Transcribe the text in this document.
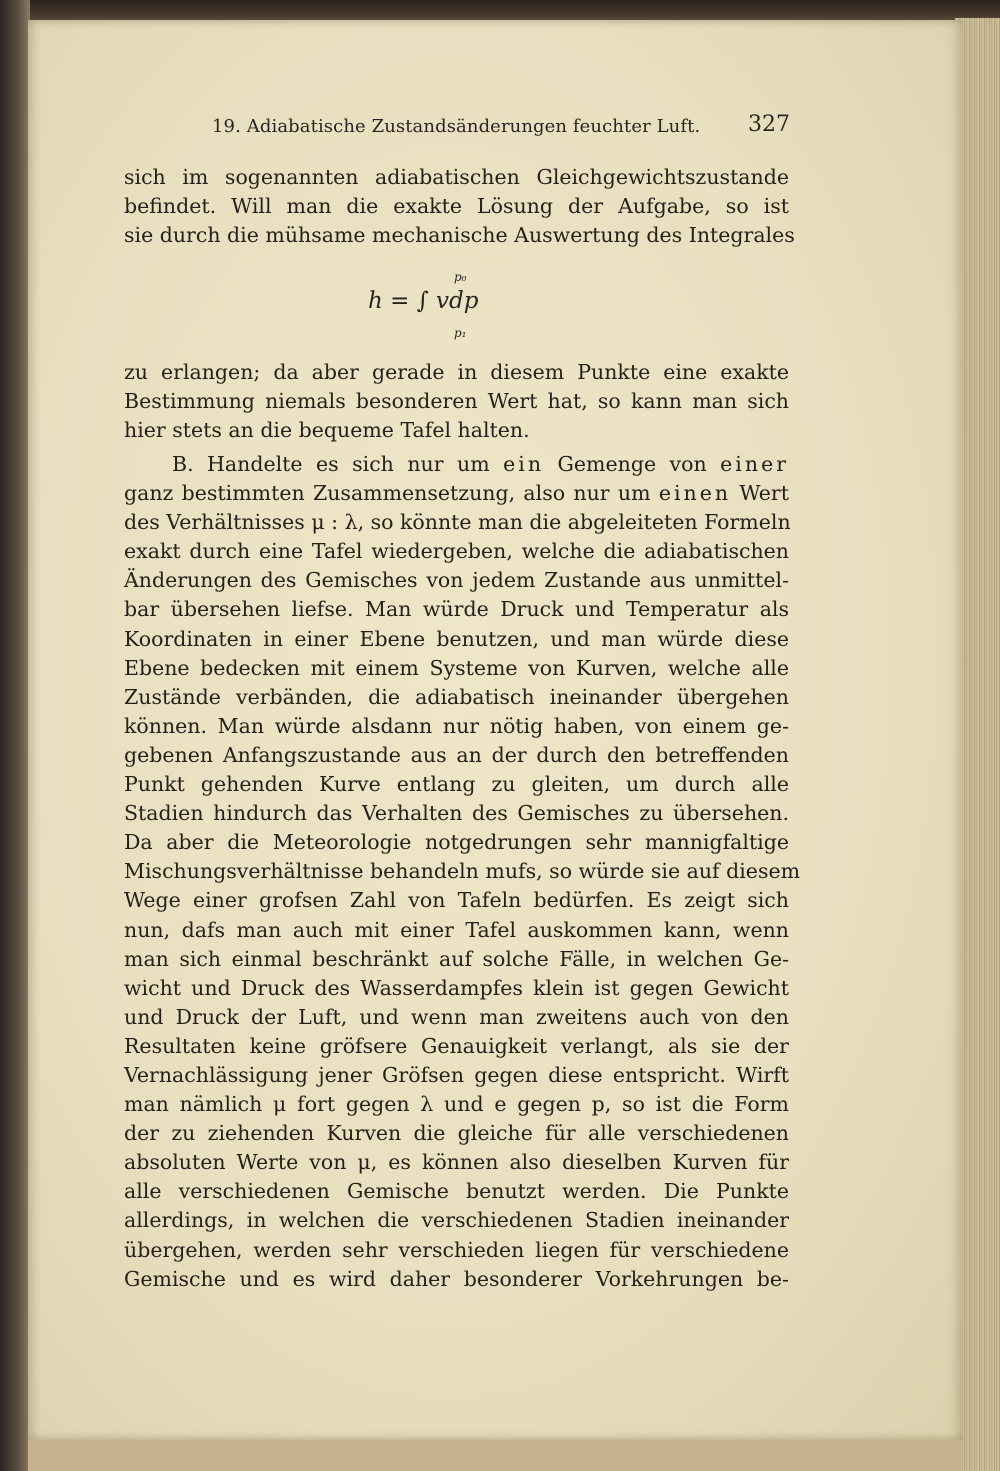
19. Adiabatische Zustandsänderungen feuchter Luft. 327
sich im sogenannten adiabatischen Gleichgewichtszustande
befindet. Will man die exakte Lösung der Aufgabe, so ist
sie durch die mühsame mechanische Auswertung des Integrales
p₀
h = ∫ vdp
p₁
zu erlangen; da aber gerade in diesem Punkte eine exakte
Bestimmung niemals besonderen Wert hat, so kann man sich
hier stets an die bequeme Tafel halten.
B. Handelte es sich nur um ein Gemenge von einer
ganz bestimmten Zusammensetzung, also nur um einen Wert
des Verhältnisses μ : λ, so könnte man die abgeleiteten Formeln
exakt durch eine Tafel wiedergeben, welche die adiabatischen
Änderungen des Gemisches von jedem Zustande aus unmittel-
bar übersehen liefse. Man würde Druck und Temperatur als
Koordinaten in einer Ebene benutzen, und man würde diese
Ebene bedecken mit einem Systeme von Kurven, welche alle
Zustände verbänden, die adiabatisch ineinander übergehen
können. Man würde alsdann nur nötig haben, von einem ge-
gebenen Anfangszustande aus an der durch den betreffenden
Punkt gehenden Kurve entlang zu gleiten, um durch alle
Stadien hindurch das Verhalten des Gemisches zu übersehen.
Da aber die Meteorologie notgedrungen sehr mannigfaltige
Mischungsverhältnisse behandeln mufs, so würde sie auf diesem
Wege einer grofsen Zahl von Tafeln bedürfen. Es zeigt sich
nun, dafs man auch mit einer Tafel auskommen kann, wenn
man sich einmal beschränkt auf solche Fälle, in welchen Ge-
wicht und Druck des Wasserdampfes klein ist gegen Gewicht
und Druck der Luft, und wenn man zweitens auch von den
Resultaten keine gröfsere Genauigkeit verlangt, als sie der
Vernachlässigung jener Gröfsen gegen diese entspricht. Wirft
man nämlich μ fort gegen λ und e gegen p, so ist die Form
der zu ziehenden Kurven die gleiche für alle verschiedenen
absoluten Werte von μ, es können also dieselben Kurven für
alle verschiedenen Gemische benutzt werden. Die Punkte
allerdings, in welchen die verschiedenen Stadien ineinander
übergehen, werden sehr verschieden liegen für verschiedene
Gemische und es wird daher besonderer Vorkehrungen be-
